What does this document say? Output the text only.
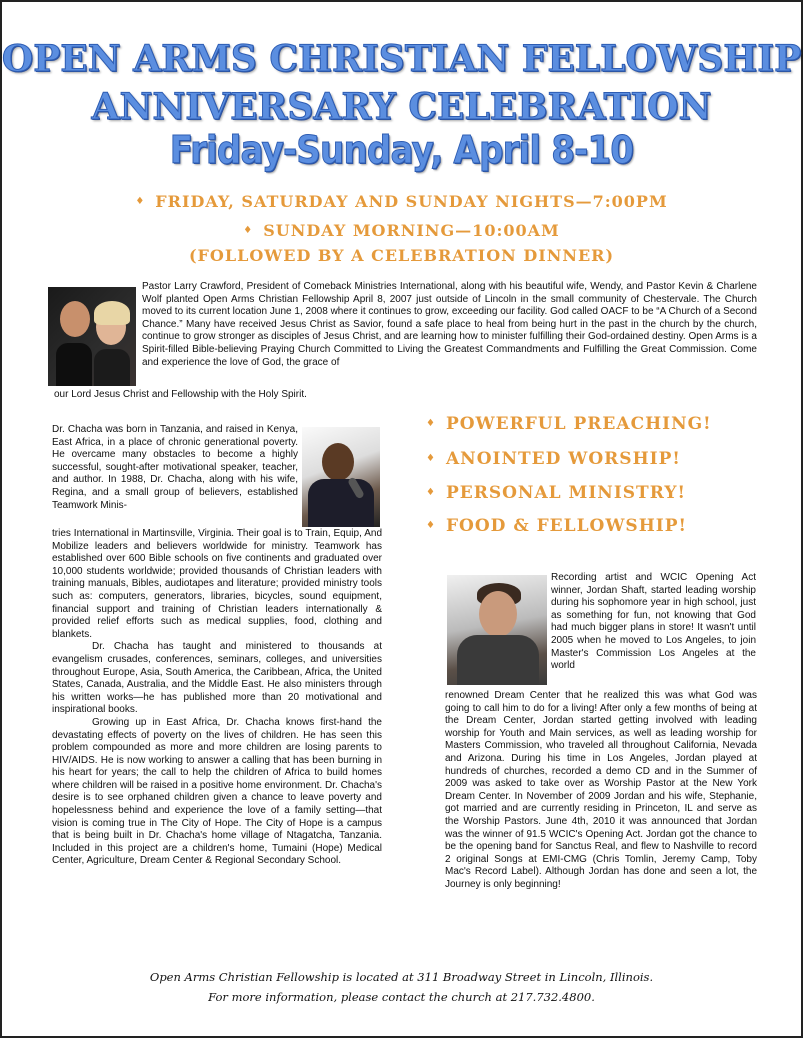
OPEN ARMS CHRISTIAN FELLOWSHIP
ANNIVERSARY CELEBRATION
Friday-Sunday, April 8-10
♦ FRIDAY, SATURDAY AND SUNDAY NIGHTS—7:00PM
♦ SUNDAY MORNING—10:00AM
(FOLLOWED BY A CELEBRATION DINNER)

Pastor Larry Crawford, President of Comeback Ministries International, along with his beautiful wife, Wendy, and Pastor Kevin & Charlene Wolf planted Open Arms Christian Fellowship April 8, 2007 just outside of Lincoln in the small community of Chestervale. The Church moved to its current location June 1, 2008 where it continues to grow, exceeding our facility. God called OACF to be “A Church of a Second Chance.” Many have received Jesus Christ as Savior, found a safe place to heal from being hurt in the past in the church by the church, continue to grow stronger as disciples of Jesus Christ, and are learning how to minister fulfilling their God-ordained destiny. Open Arms is a Spirit-filled Bible-believing Praying Church Committed to Living the Greatest Commandments and Fulfilling the Great Commission. Come and experience the love of God, the grace of

our Lord Jesus Christ and Fellowship with the Holy Spirit.

Dr. Chacha was born in Tanzania, and raised in Kenya, East Africa, in a place of chronic generational poverty. He overcame many obstacles to become a highly successful, sought-after motivational speaker, teacher, and author. In 1988, Dr. Chacha, along with his wife, Regina, and a small group of believers, established Teamwork Minis-

tries International in Martinsville, Virginia. Their goal is to Train, Equip, And Mobilize leaders and believers worldwide for ministry. Teamwork has established over 600 Bible schools on five continents and graduated over 10,000 students worldwide; provided thousands of Christian leaders with training manuals, Bibles, audiotapes and literature; provided ministry tools such as: computers, generators, libraries, bicycles, sound equipment, financial support and training of Christian leaders internationally & provided relief efforts such as medical supplies, food, clothing and blankets.
Dr. Chacha has taught and ministered to thousands at evangelism crusades, conferences, seminars, colleges, and universities throughout Europe, Asia, South America, the Caribbean, Africa, the United States, Canada, Australia, and the Middle East. He also ministers through his written works—he has published more than 20 motivational and inspirational books.
Growing up in East Africa, Dr. Chacha knows first-hand the devastating effects of poverty on the lives of children. He has seen this problem compounded as more and more children are losing parents to HIV/AIDS. He is now working to answer a calling that has been burning in his heart for years; the call to help the children of Africa to build homes where children will be raised in a positive home environment. Dr. Chacha's desire is to see orphaned children given a chance to leave poverty and hopelessness behind and experience the love of a family setting—that vision is coming true in The City of Hope. The City of Hope is a campus that is being built in Dr. Chacha's home village of Ntagatcha, Tanzania. Included in this project are a children's home, Tumaini (Hope) Medical Center, Agriculture, Dream Center & Regional Secondary School.
♦ POWERFUL PREACHING!
♦ ANOINTED WORSHIP!
♦ PERSONAL MINISTRY!
♦ FOOD & FELLOWSHIP!

Recording artist and WCIC Opening Act winner, Jordan Shaft, started leading worship during his sophomore year in high school, just as something for fun, not knowing that God had much bigger plans in store! It wasn't until 2005 when he moved to Los Angeles, to join Master's Commission Los Angeles at the world

renowned Dream Center that he realized this was what God was going to call him to do for a living! After only a few months of being at the Dream Center, Jordan started getting involved with leading worship for Youth and Main services, as well as leading worship for Masters Commission, who traveled all throughout California, Nevada and Arizona. During his time in Los Angeles, Jordan played at hundreds of churches, recorded a demo CD and in the Summer of 2009 was asked to take over as Worship Pastor at the New York Dream Center. In November of 2009 Jordan and his wife, Stephanie, got married and are currently residing in Princeton, IL and serve as the Worship Pastors. June 4th, 2010 it was announced that Jordan was the winner of 91.5 WCIC's Opening Act. Jordan got the chance to be the opening band for Sanctus Real, and flew to Nashville to record 2 original Songs at EMI-CMG (Chris Tomlin, Jeremy Camp, Toby Mac's Record Label). Although Jordan has done and seen a lot, the Journey is only beginning!

Open Arms Christian Fellowship is located at 311 Broadway Street in Lincoln, Illinois.
For more information, please contact the church at 217.732.4800.
